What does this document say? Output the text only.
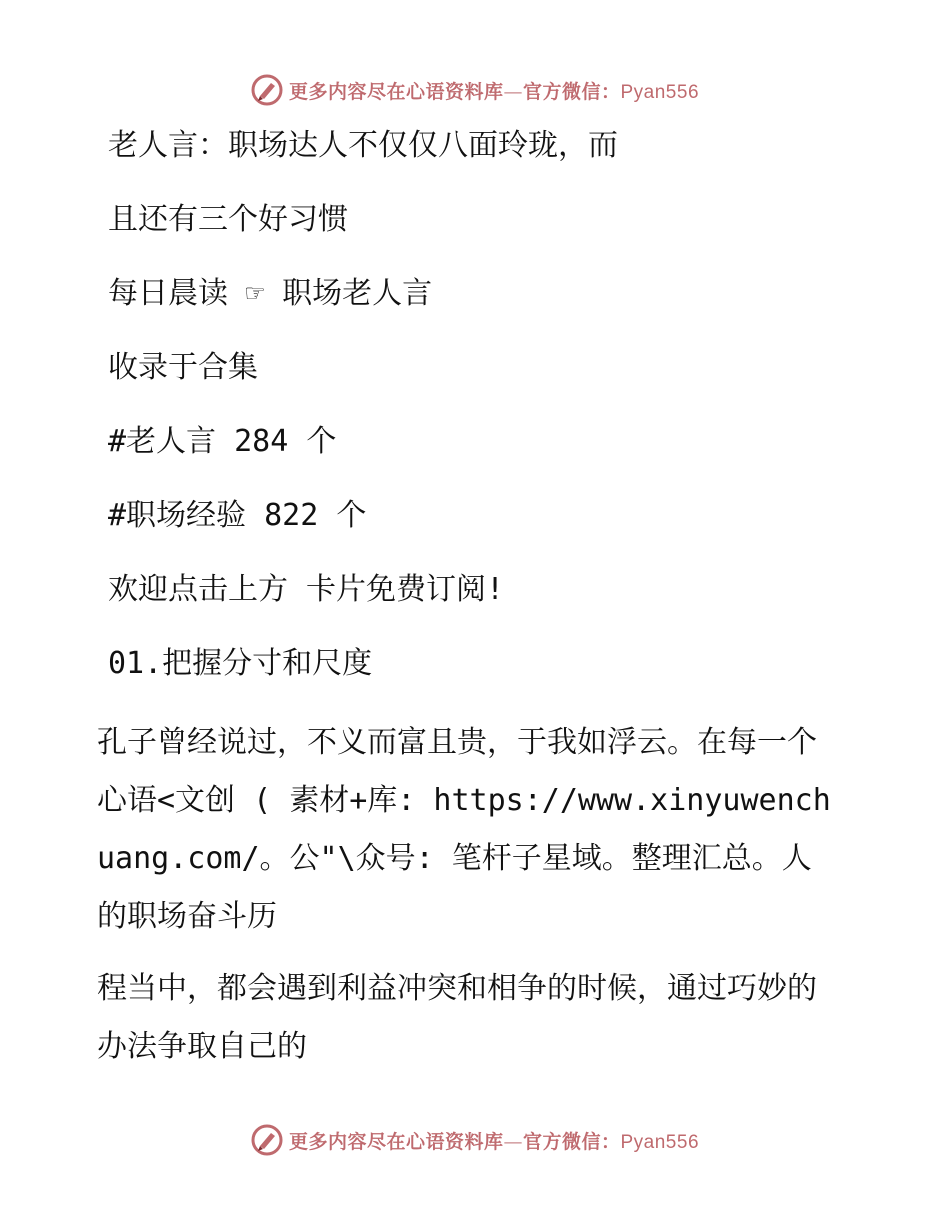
更多内容尽在心语资料库—官方微信：Pyan556
老人言：职场达人不仅仅八面玲珑，而
且还有三个好习惯
每日晨读 ☞ 职场老人言
收录于合集
#老人言 284 个
#职场经验 822 个
欢迎点击上方 卡片免费订阅!
01.把握分寸和尺度
孔子曾经说过，不义而富且贵，于我如浮云。在每一个心语<文创 ( 素材+库: https://www.xinyuwenchuang.com/。公"\众号: 笔杆子星域。整理汇总。人的职场奋斗历
程当中，都会遇到利益冲突和相争的时候，通过巧妙的办法争取自己的
更多内容尽在心语资料库—官方微信：Pyan556
